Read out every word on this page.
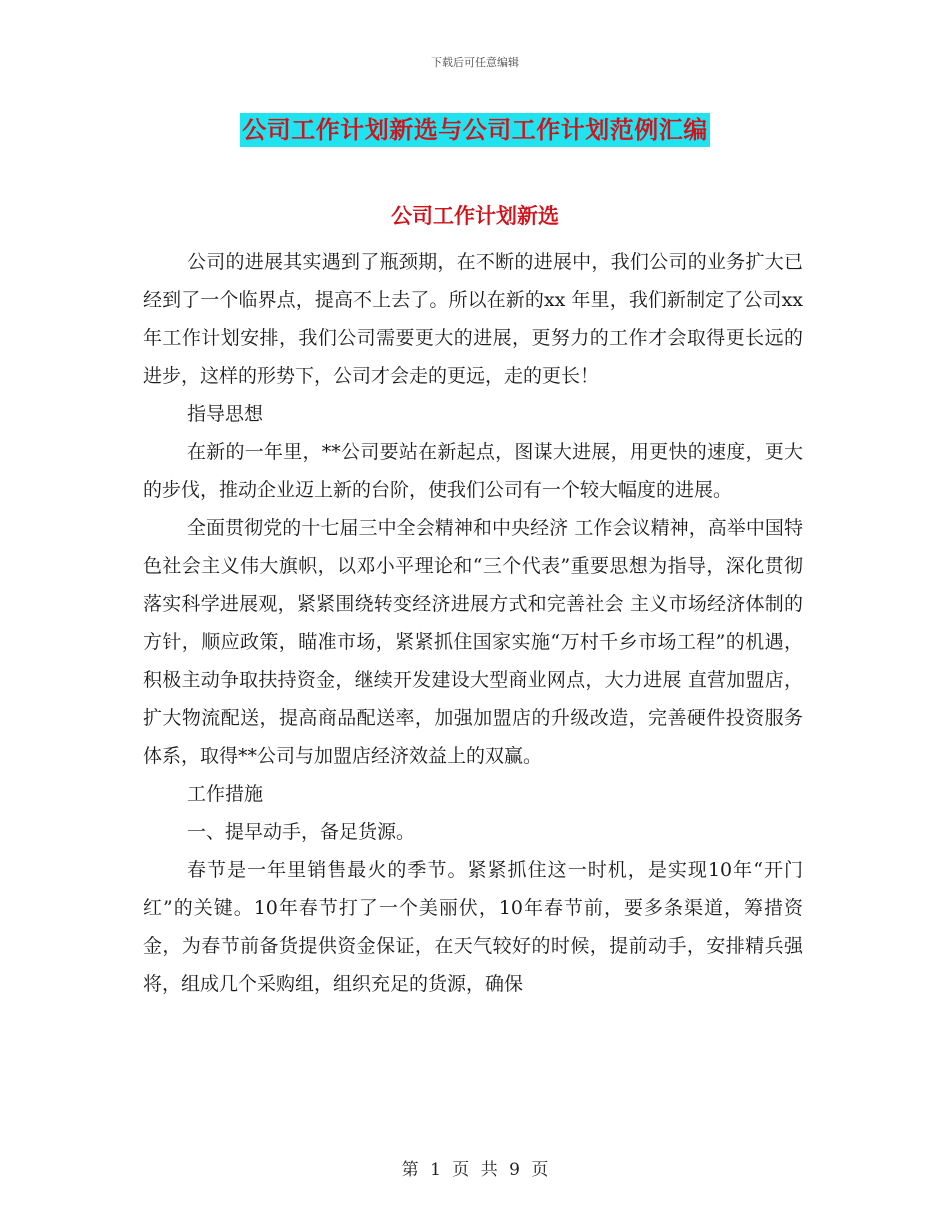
下载后可任意编辑
公司工作计划新选与公司工作计划范例汇编
公司工作计划新选

公司的进展其实遇到了瓶颈期，在不断的进展中，我们公司的业务扩大已经到了一个临界点，提高不上去了。所以在新的xx 年里，我们新制定了公司xx年工作计划安排，我们公司需要更大的进展，更努力的工作才会取得更长远的进步，这样的形势下，公司才会走的更远，走的更长！

指导思想

在新的一年里，**公司要站在新起点，图谋大进展，用更快的速度，更大的步伐，推动企业迈上新的台阶，使我们公司有一个较大幅度的进展。

全面贯彻党的十七届三中全会精神和中央经济 工作会议精神，高举中国特色社会主义伟大旗帜，以邓小平理论和“三个代表”重要思想为指导，深化贯彻落实科学进展观，紧紧围绕转变经济进展方式和完善社会 主义市场经济体制的方针，顺应政策，瞄准市场，紧紧抓住国家实施“万村千乡市场工程”的机遇，积极主动争取扶持资金，继续开发建设大型商业网点，大力进展 直营加盟店，扩大物流配送，提高商品配送率，加强加盟店的升级改造，完善硬件投资服务体系，取得**公司与加盟店经济效益上的双赢。

工作措施

一、提早动手，备足货源。

春节是一年里销售最火的季节。紧紧抓住这一时机，是实现10年“开门红”的关键。10年春节打了一个美丽伏，10年春节前，要多条渠道，筹措资金，为春节前备货提供资金保证，在天气较好的时候，提前动手，安排精兵强将，组成几个采购组，组织充足的货源，确保

第 1 页 共 9 页
